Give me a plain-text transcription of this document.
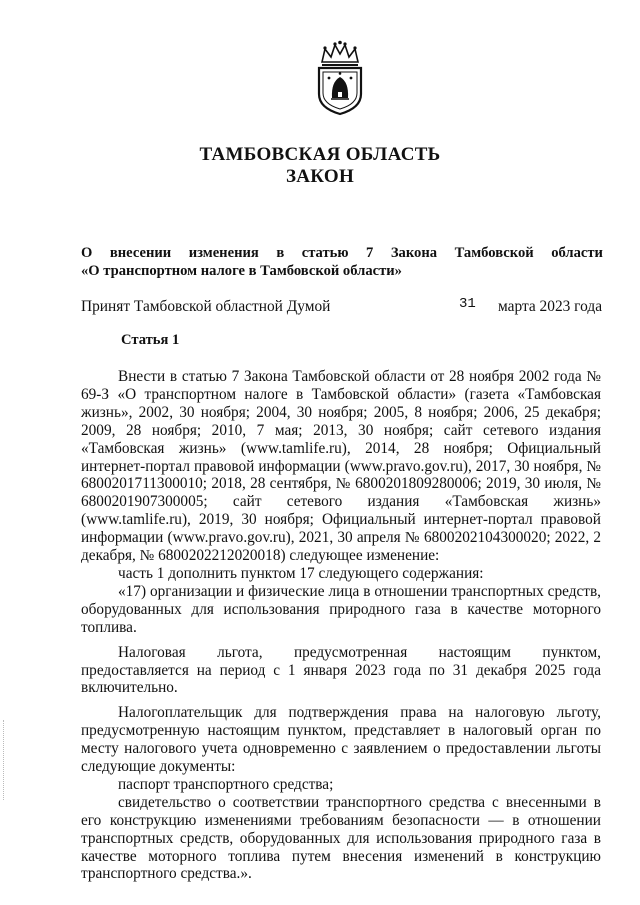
ТАМБОВСКАЯ ОБЛАСТЬ
ЗАКОН
О внесении изменения в статью 7 Закона Тамбовской области
«О транспортном налоге в Тамбовской области»
Принят Тамбовской областной Думой	31 марта 2023 года
Статья 1

Внести в статью 7 Закона Тамбовской области от 28 ноября 2002 года № 69-З «О транспортном налоге в Тамбовской области» (газета «Тамбовская жизнь», 2002, 30 ноября; 2004, 30 ноября; 2005, 8 ноября; 2006, 25 декабря; 2009, 28 ноября; 2010, 7 мая; 2013, 30 ноября; сайт сетевого издания «Тамбовская жизнь» (www.tamlife.ru), 2014, 28 ноября; Официальный интернет-портал правовой информации (www.pravo.gov.ru), 2017, 30 ноября, № 6800201711300010; 2018, 28 сентября, № 6800201809280006; 2019, 30 июля, № 6800201907300005; сайт сетевого издания «Тамбовская жизнь» (www.tamlife.ru), 2019, 30 ноября; Официальный интернет-портал правовой информации (www.pravo.gov.ru), 2021, 30 апреля № 6800202104300020; 2022, 2 декабря, № 6800202212020018) следующее изменение:

часть 1 дополнить пунктом 17 следующего содержания:

«17) организации и физические лица в отношении транспортных средств, оборудованных для использования природного газа в качестве моторного топлива.

Налоговая льгота, предусмотренная настоящим пунктом, предоставляется на период с 1 января 2023 года по 31 декабря 2025 года включительно.

Налогоплательщик для подтверждения права на налоговую льготу, предусмотренную настоящим пунктом, представляет в налоговый орган по месту налогового учета одновременно с заявлением о предоставлении льготы следующие документы:

паспорт транспортного средства;

свидетельство о соответствии транспортного средства с внесенными в его конструкцию изменениями требованиям безопасности — в отношении транспортных средств, оборудованных для использования природного газа в качестве моторного топлива путем внесения изменений в конструкцию транспортного средства.».
